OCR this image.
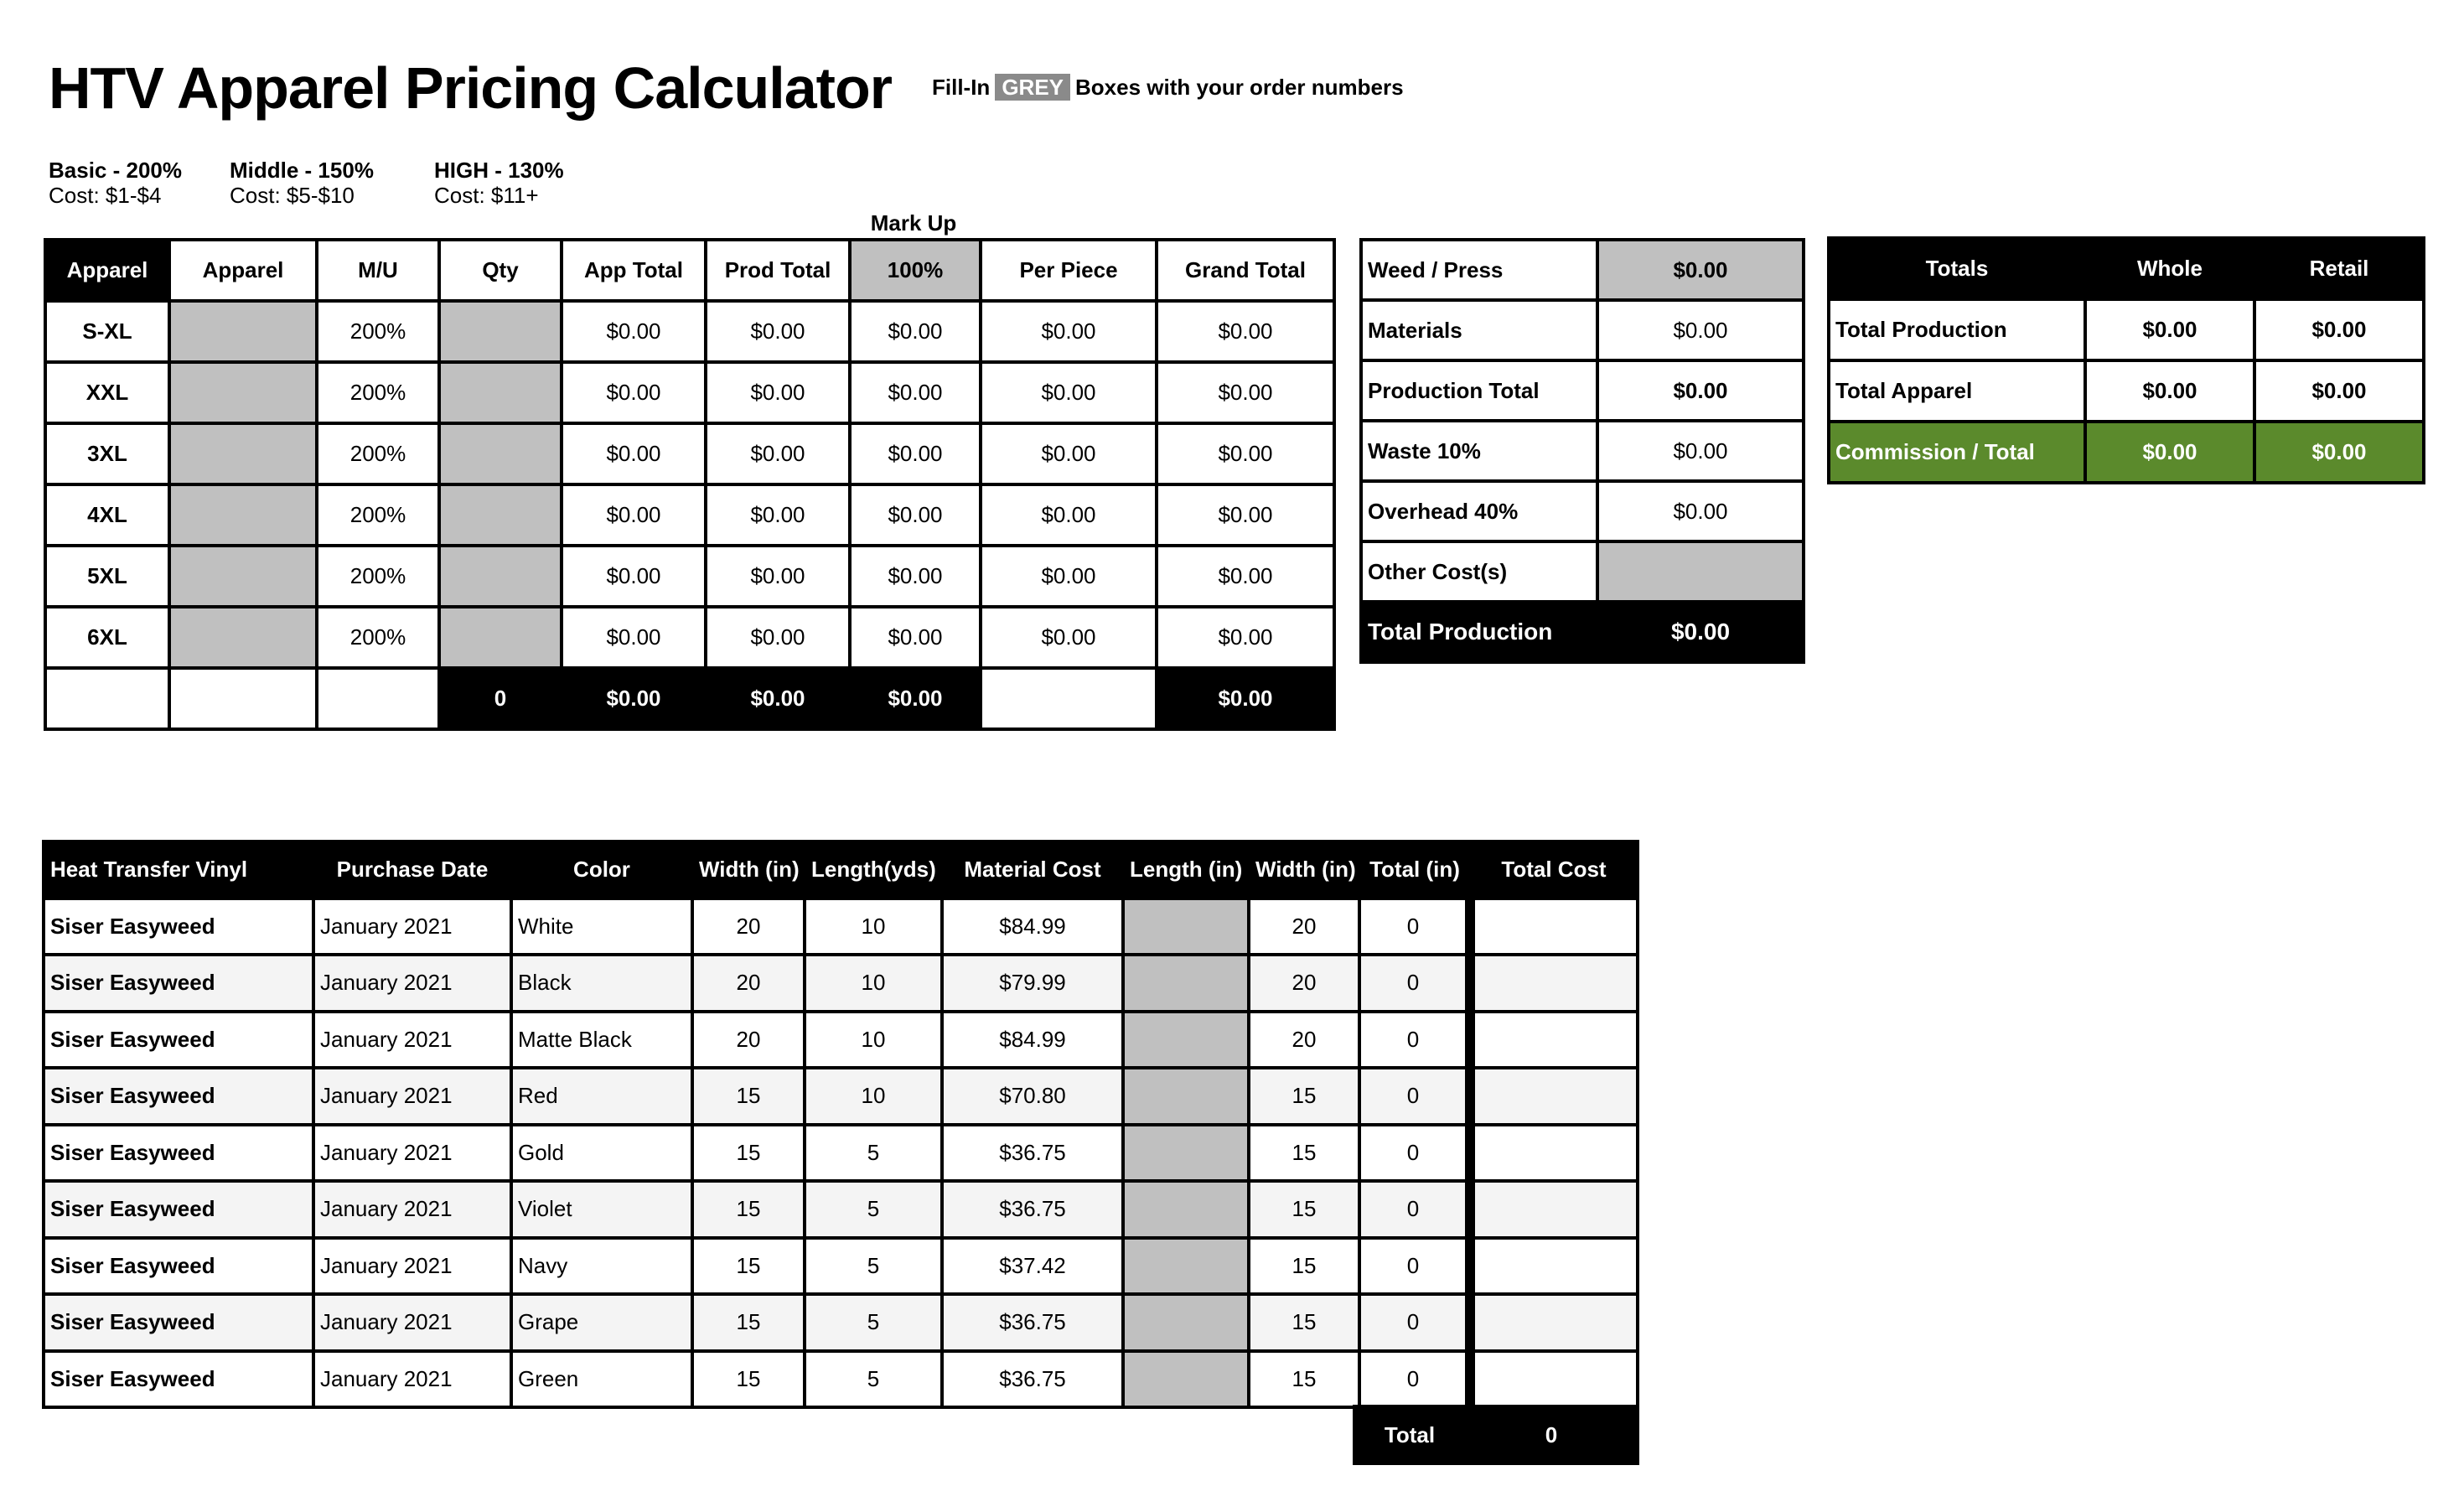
HTV Apparel Pricing Calculator Fill-In GREY Boxes with your order numbers
Basic - 200%
Cost: $1-$4
Middle - 150%
Cost: $5-$10
HIGH - 130%
Cost: $11+
Mark Up
Apparel	Apparel	M/U	Qty	App Total	Prod Total	100%	Per Piece	Grand Total
S-XL		200%		$0.00	$0.00	$0.00	$0.00	$0.00
XXL		200%		$0.00	$0.00	$0.00	$0.00	$0.00
3XL		200%		$0.00	$0.00	$0.00	$0.00	$0.00
4XL		200%		$0.00	$0.00	$0.00	$0.00	$0.00
5XL		200%		$0.00	$0.00	$0.00	$0.00	$0.00
6XL		200%		$0.00	$0.00	$0.00	$0.00	$0.00
			0	$0.00	$0.00	$0.00		$0.00
Weed / Press	$0.00
Materials	$0.00
Production Total	$0.00
Waste 10%	$0.00
Overhead 40%	$0.00
Other Cost(s)	
Total Production	$0.00
Totals	Whole	Retail
Total Production	$0.00	$0.00
Total Apparel	$0.00	$0.00
Commission / Total	$0.00	$0.00
Heat Transfer Vinyl	Purchase Date	Color	Width (in)	Length(yds)	Material Cost	Length (in)	Width (in)	Total (in)	Total Cost
Siser Easyweed	January 2021	White	20	10	$84.99		20	0	
Siser Easyweed	January 2021	Black	20	10	$79.99		20	0	
Siser Easyweed	January 2021	Matte Black	20	10	$84.99		20	0	
Siser Easyweed	January 2021	Red	15	10	$70.80		15	0	
Siser Easyweed	January 2021	Gold	15	5	$36.75		15	0	
Siser Easyweed	January 2021	Violet	15	5	$36.75		15	0	
Siser Easyweed	January 2021	Navy	15	5	$37.42		15	0	
Siser Easyweed	January 2021	Grape	15	5	$36.75		15	0	
Siser Easyweed	January 2021	Green	15	5	$36.75		15	0	
Total	0
